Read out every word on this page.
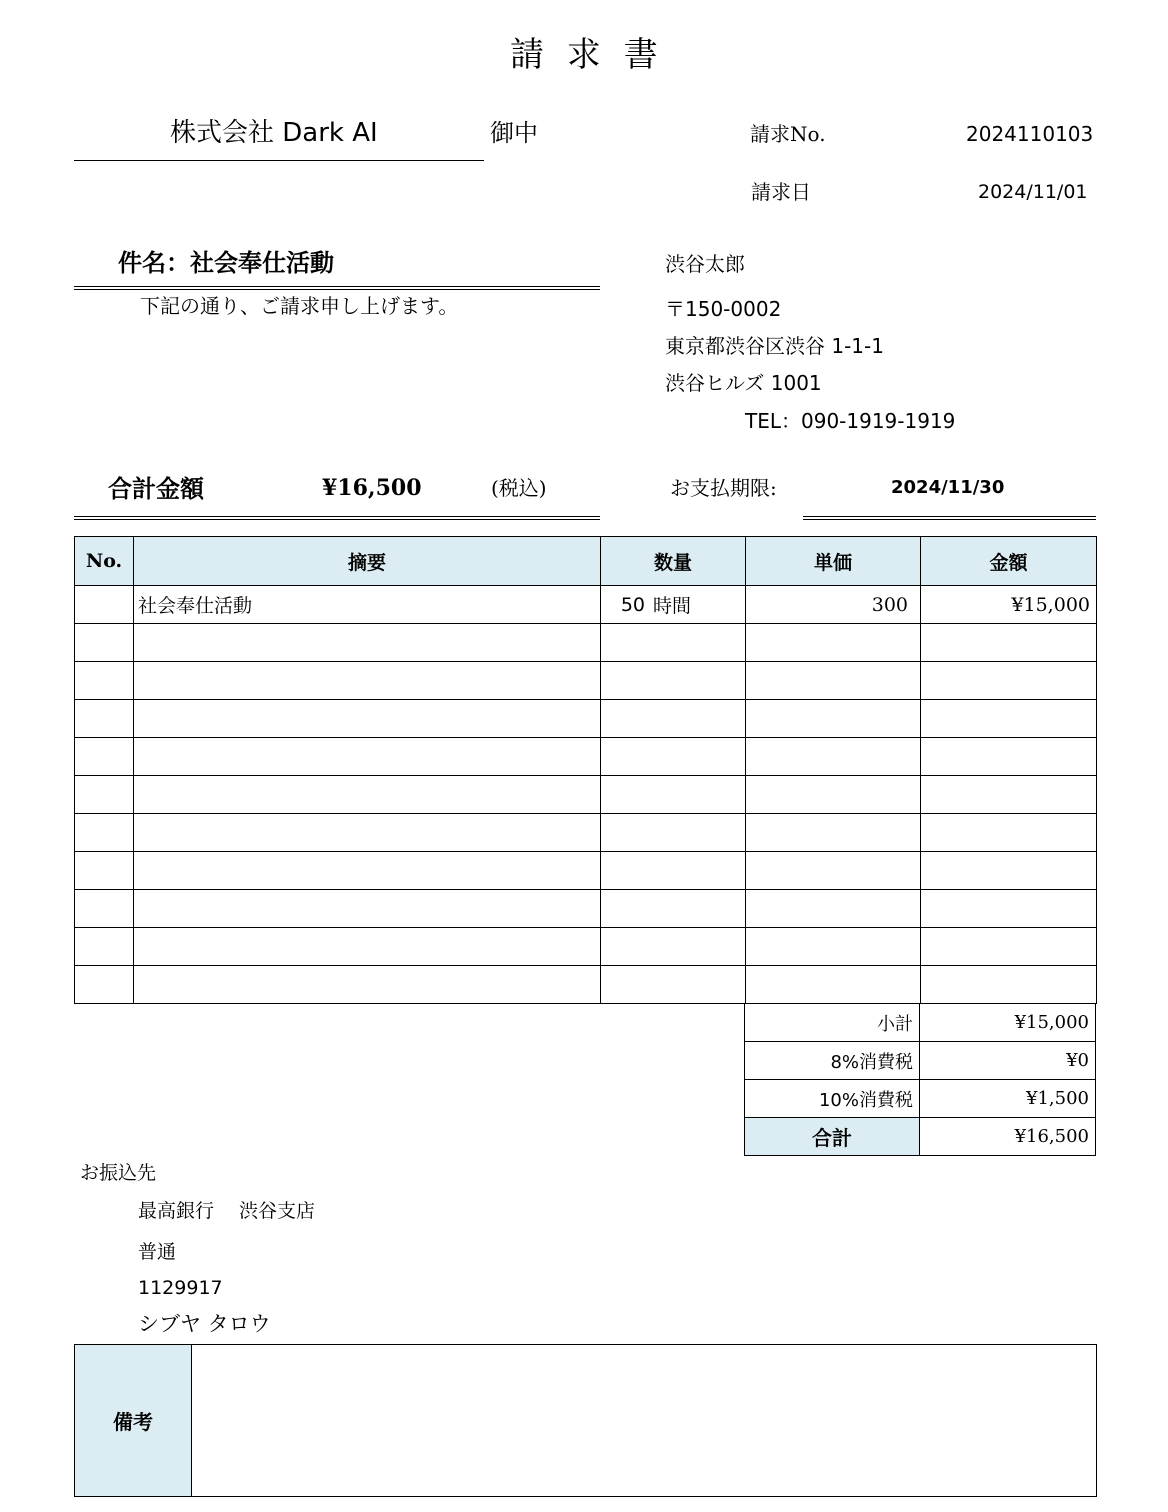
請 求 書
株式会社 Dark AI	御中	請求No.	2024110103
請求日	2024/11/01
件名：社会奉仕活動
下記の通り、ご請求申し上げます。
渋谷太郎
〒150-0002
東京都渋谷区渋谷 1-1-1
渋谷ヒルズ 1001
TEL：090-1919-1919
合計金額	¥16,500	(税込)	お支払期限:	2024/11/30
No.	摘要	数量	単価	金額
	社会奉仕活動	50 時間	300	¥15,000

小計	¥15,000
8%消費税	¥0
10%消費税	¥1,500
合計	¥16,500
お振込先
最高銀行　 渋谷支店
普通
1129917
シブヤ タロウ
備考	
